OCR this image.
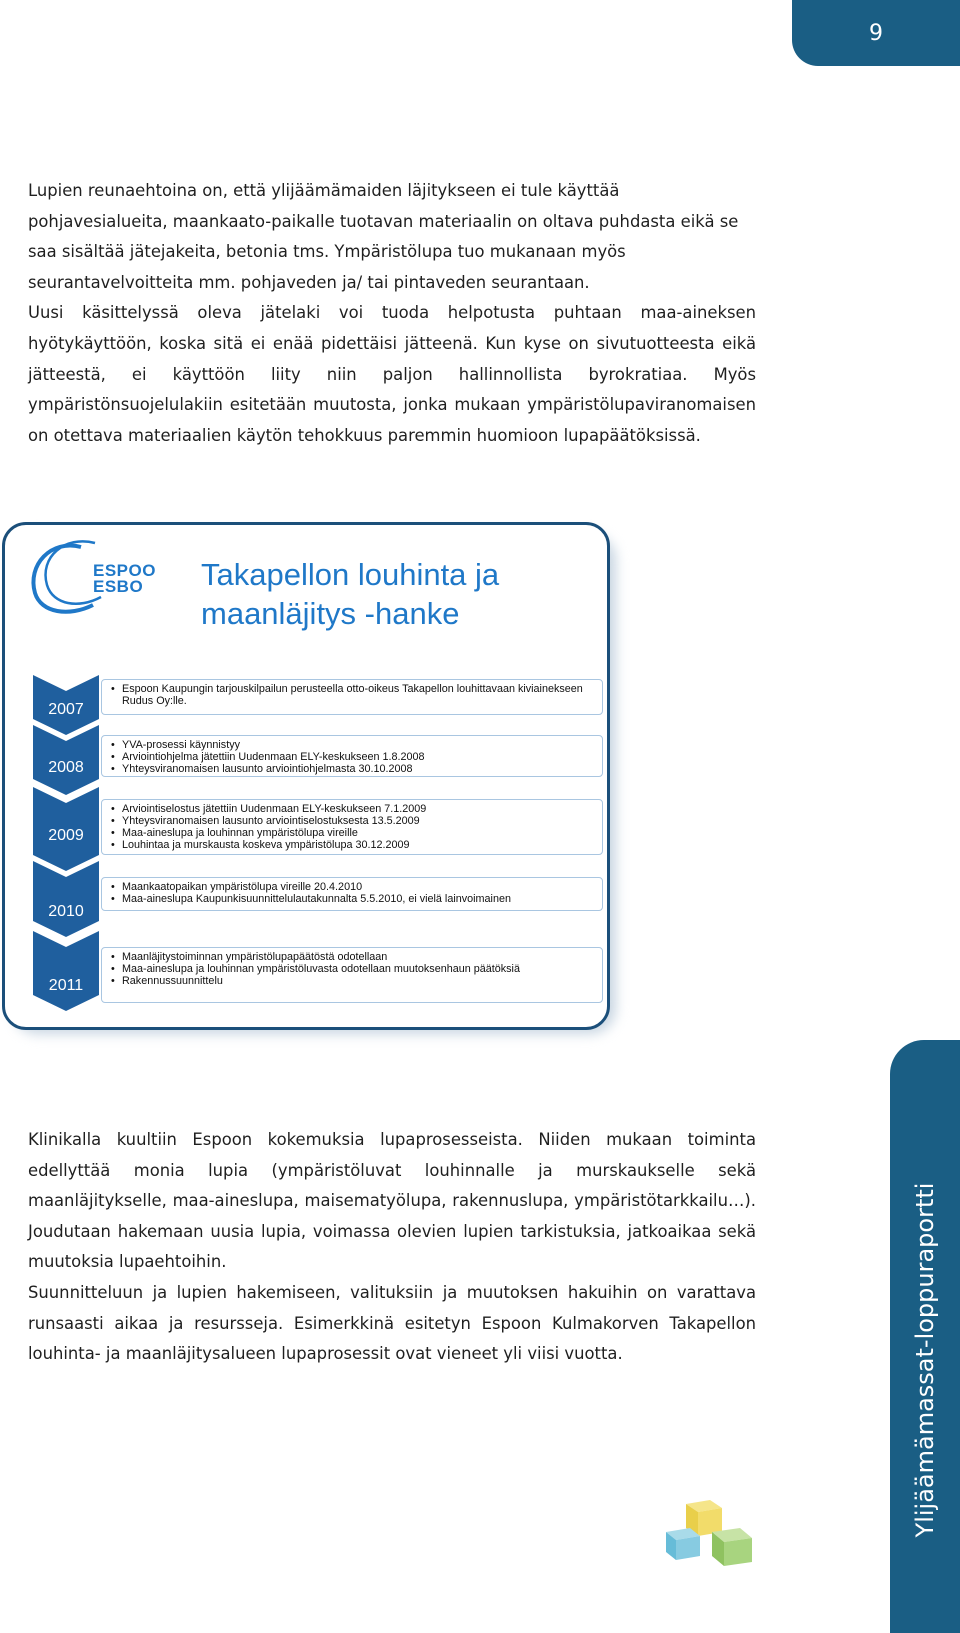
9

Lupien reunaehtoina on, että ylijäämämaiden läjitykseen ei tule käyttää pohjavesialueita, maankaato-paikalle tuotavan materiaalin on oltava puhdasta eikä se saa sisältää jätejakeita, betonia tms. Ympäristölupa tuo mukanaan myös seurantavelvoitteita mm. pohjaveden ja/ tai pintaveden seurantaan.

Uusi käsittelyssä oleva jätelaki voi tuoda helpotusta puhtaan maa-aineksen hyötykäyttöön, koska sitä ei enää pidettäisi jätteenä. Kun kyse on sivutuotteesta eikä jätteestä, ei käyttöön liity niin paljon hallinnollista byrokratiaa. Myös ympäristönsuojelulakiin esitetään muutosta, jonka mukaan ympäristölupaviranomaisen on otettava materiaalien käytön tehokkuus paremmin huomioon lupapäätöksissä.

ESPOO
ESBO	Takapellon louhinta ja
maanläjitys -hanke
2007
• Espoon Kaupungin tarjouskilpailun perusteella otto-oikeus Takapellon louhittavaan kiviainekseen Rudus Oy:lle.
2008
• YVA-prosessi käynnistyy
• Arviointiohjelma jätettiin Uudenmaan ELY-keskukseen 1.8.2008
• Yhteysviranomaisen lausunto arviointiohjelmasta 30.10.2008
2009
• Arviointiselostus jätettiin Uudenmaan ELY-keskukseen 7.1.2009
• Yhteysviranomaisen lausunto arviointiselostuksesta 13.5.2009
• Maa-aineslupa ja louhinnan ympäristölupa vireille
• Louhintaa ja murskausta koskeva ympäristölupa 30.12.2009
2010
• Maankaatopaikan ympäristölupa vireille 20.4.2010
• Maa-aineslupa Kaupunkisuunnittelulautakunnalta 5.5.2010, ei vielä lainvoimainen
2011
• Maanläjitystoiminnan ympäristölupapäätöstä odotellaan
• Maa-aineslupa ja louhinnan ympäristöluvasta odotellaan muutoksenhaun päätöksiä
• Rakennussuunnittelu

Klinikalla kuultiin Espoon kokemuksia lupaprosesseista. Niiden mukaan toiminta edellyttää monia lupia (ympäristöluvat louhinnalle ja murskaukselle sekä maanläjitykselle, maa-aineslupa, maisematyölupa, rakennuslupa, ympäristötarkkailu…). Joudutaan hakemaan uusia lupia, voimassa olevien lupien tarkistuksia, jatkoaikaa sekä muutoksia lupaehtoihin.

Suunnitteluun ja lupien hakemiseen, valituksiin ja muutoksen hakuihin on varattava runsaasti aikaa ja resursseja. Esimerkkinä esitetyn Espoon Kulmakorven Takapellon louhinta- ja maanläjitysalueen lupaprosessit ovat vieneet yli viisi vuotta.	Ylijäämämassat-loppuraportti
